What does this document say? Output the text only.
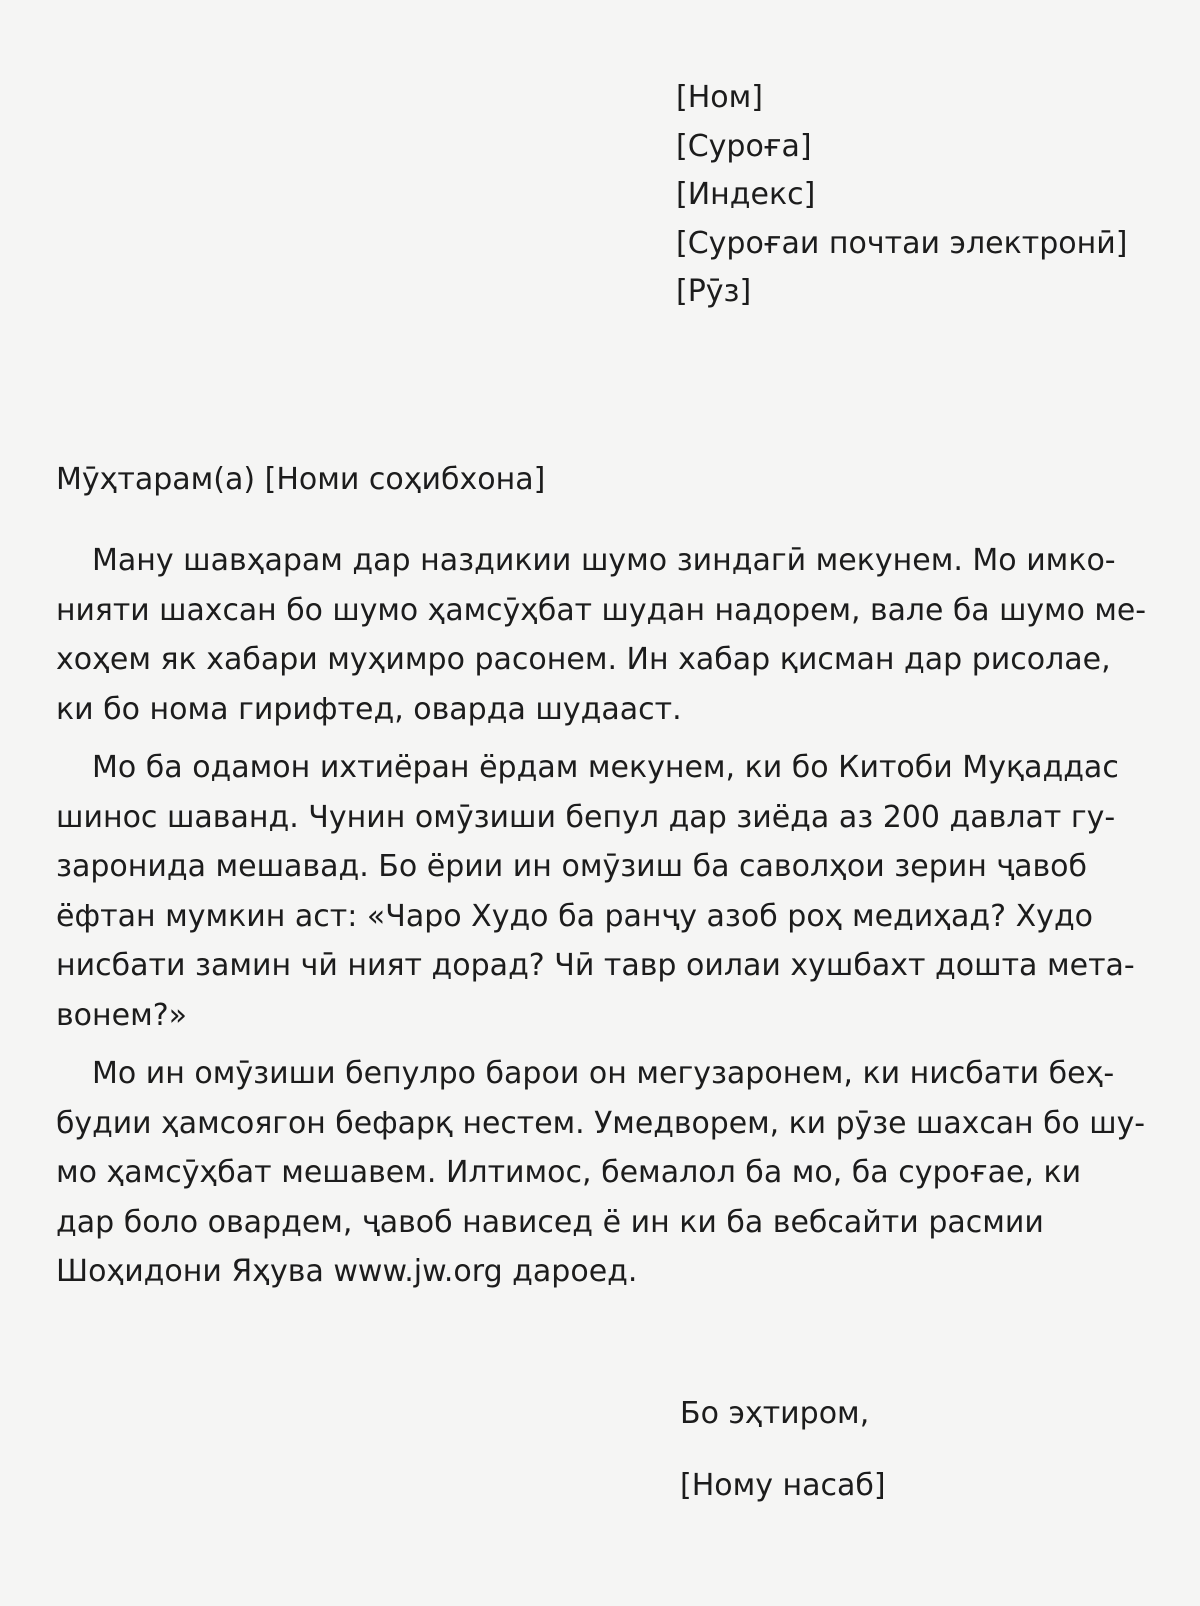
[Ном]
[Суроға]
[Индекс]
[Суроғаи почтаи электронӣ]
[Рӯз]
Мӯҳтарам(а) [Номи соҳибхона]
Ману шавҳарам дар наздикии шумо зиндагӣ мекунем. Мо имко-
нияти шахсан бо шумо ҳамсӯҳбат шудан надорем, вале ба шумо ме-
хоҳем як хабари муҳимро расонем. Ин хабар қисман дар рисолае,
ки бо нома гирифтед, оварда шудааст.
Мо ба одамон ихтиёран ёрдам мекунем, ки бо Китоби Муқаддас
шинос шаванд. Чунин омӯзиши бепул дар зиёда аз 200 давлат гу-
заронида мешавад. Бо ёрии ин омӯзиш ба саволҳои зерин ҷавоб
ёфтан мумкин аст: «Чаро Худо ба ранҷу азоб роҳ медиҳад? Худо
нисбати замин чӣ ният дорад? Чӣ тавр оилаи хушбахт дошта мета-
вонем?»
Мо ин омӯзиши бепулро барои он мегузаронем, ки нисбати беҳ-
будии ҳамсоягон бефарқ нестем. Умедворем, ки рӯзе шахсан бо шу-
мо ҳамсӯҳбат мешавем. Илтимос, бемалол ба мо, ба суроғае, ки
дар боло овардем, ҷавоб нависед ё ин ки ба вебсайти расмии
Шоҳидони Яҳува www.jw.org дароед.
Бо эҳтиром,
[Ному насаб]
